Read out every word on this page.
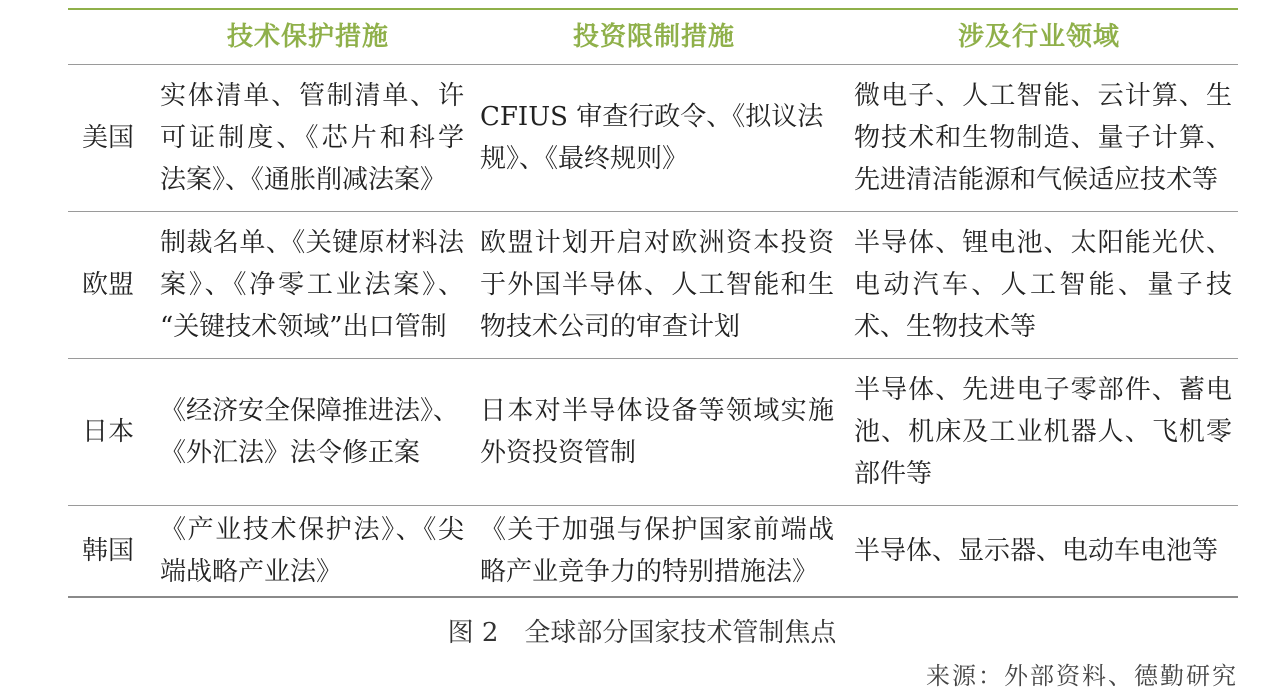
技术保护措施	投资限制措施	涉及行业领域
美国
实体清单、管制清单、许
可证制度、《芯片和科学
法案》、《通胀削减法案》
CFIUS 审查行政令、《拟议法
规》、《最终规则》
微电子、人工智能、云计算、生
物技术和生物制造、量子计算、
先进清洁能源和气候适应技术等
欧盟
制裁名单、《关键原材料法
案》、《净零工业法案》、
“关键技术领域”出口管制
欧盟计划开启对欧洲资本投资
于外国半导体、人工智能和生
物技术公司的审查计划
半导体、锂电池、太阳能光伏、
电动汽车、人工智能、量子技
术、生物技术等
日本
《经济安全保障推进法》、
《外汇法》法令修正案
日本对半导体设备等领域实施
外资投资管制
半导体、先进电子零部件、蓄电
池、机床及工业机器人、飞机零
部件等
韩国
《产业技术保护法》、《尖
端战略产业法》
《关于加强与保护国家前端战
略产业竞争力的特别措施法》
半导体、显示器、电动车电池等
图 2　全球部分国家技术管制焦点
来源：外部资料、德勤研究
